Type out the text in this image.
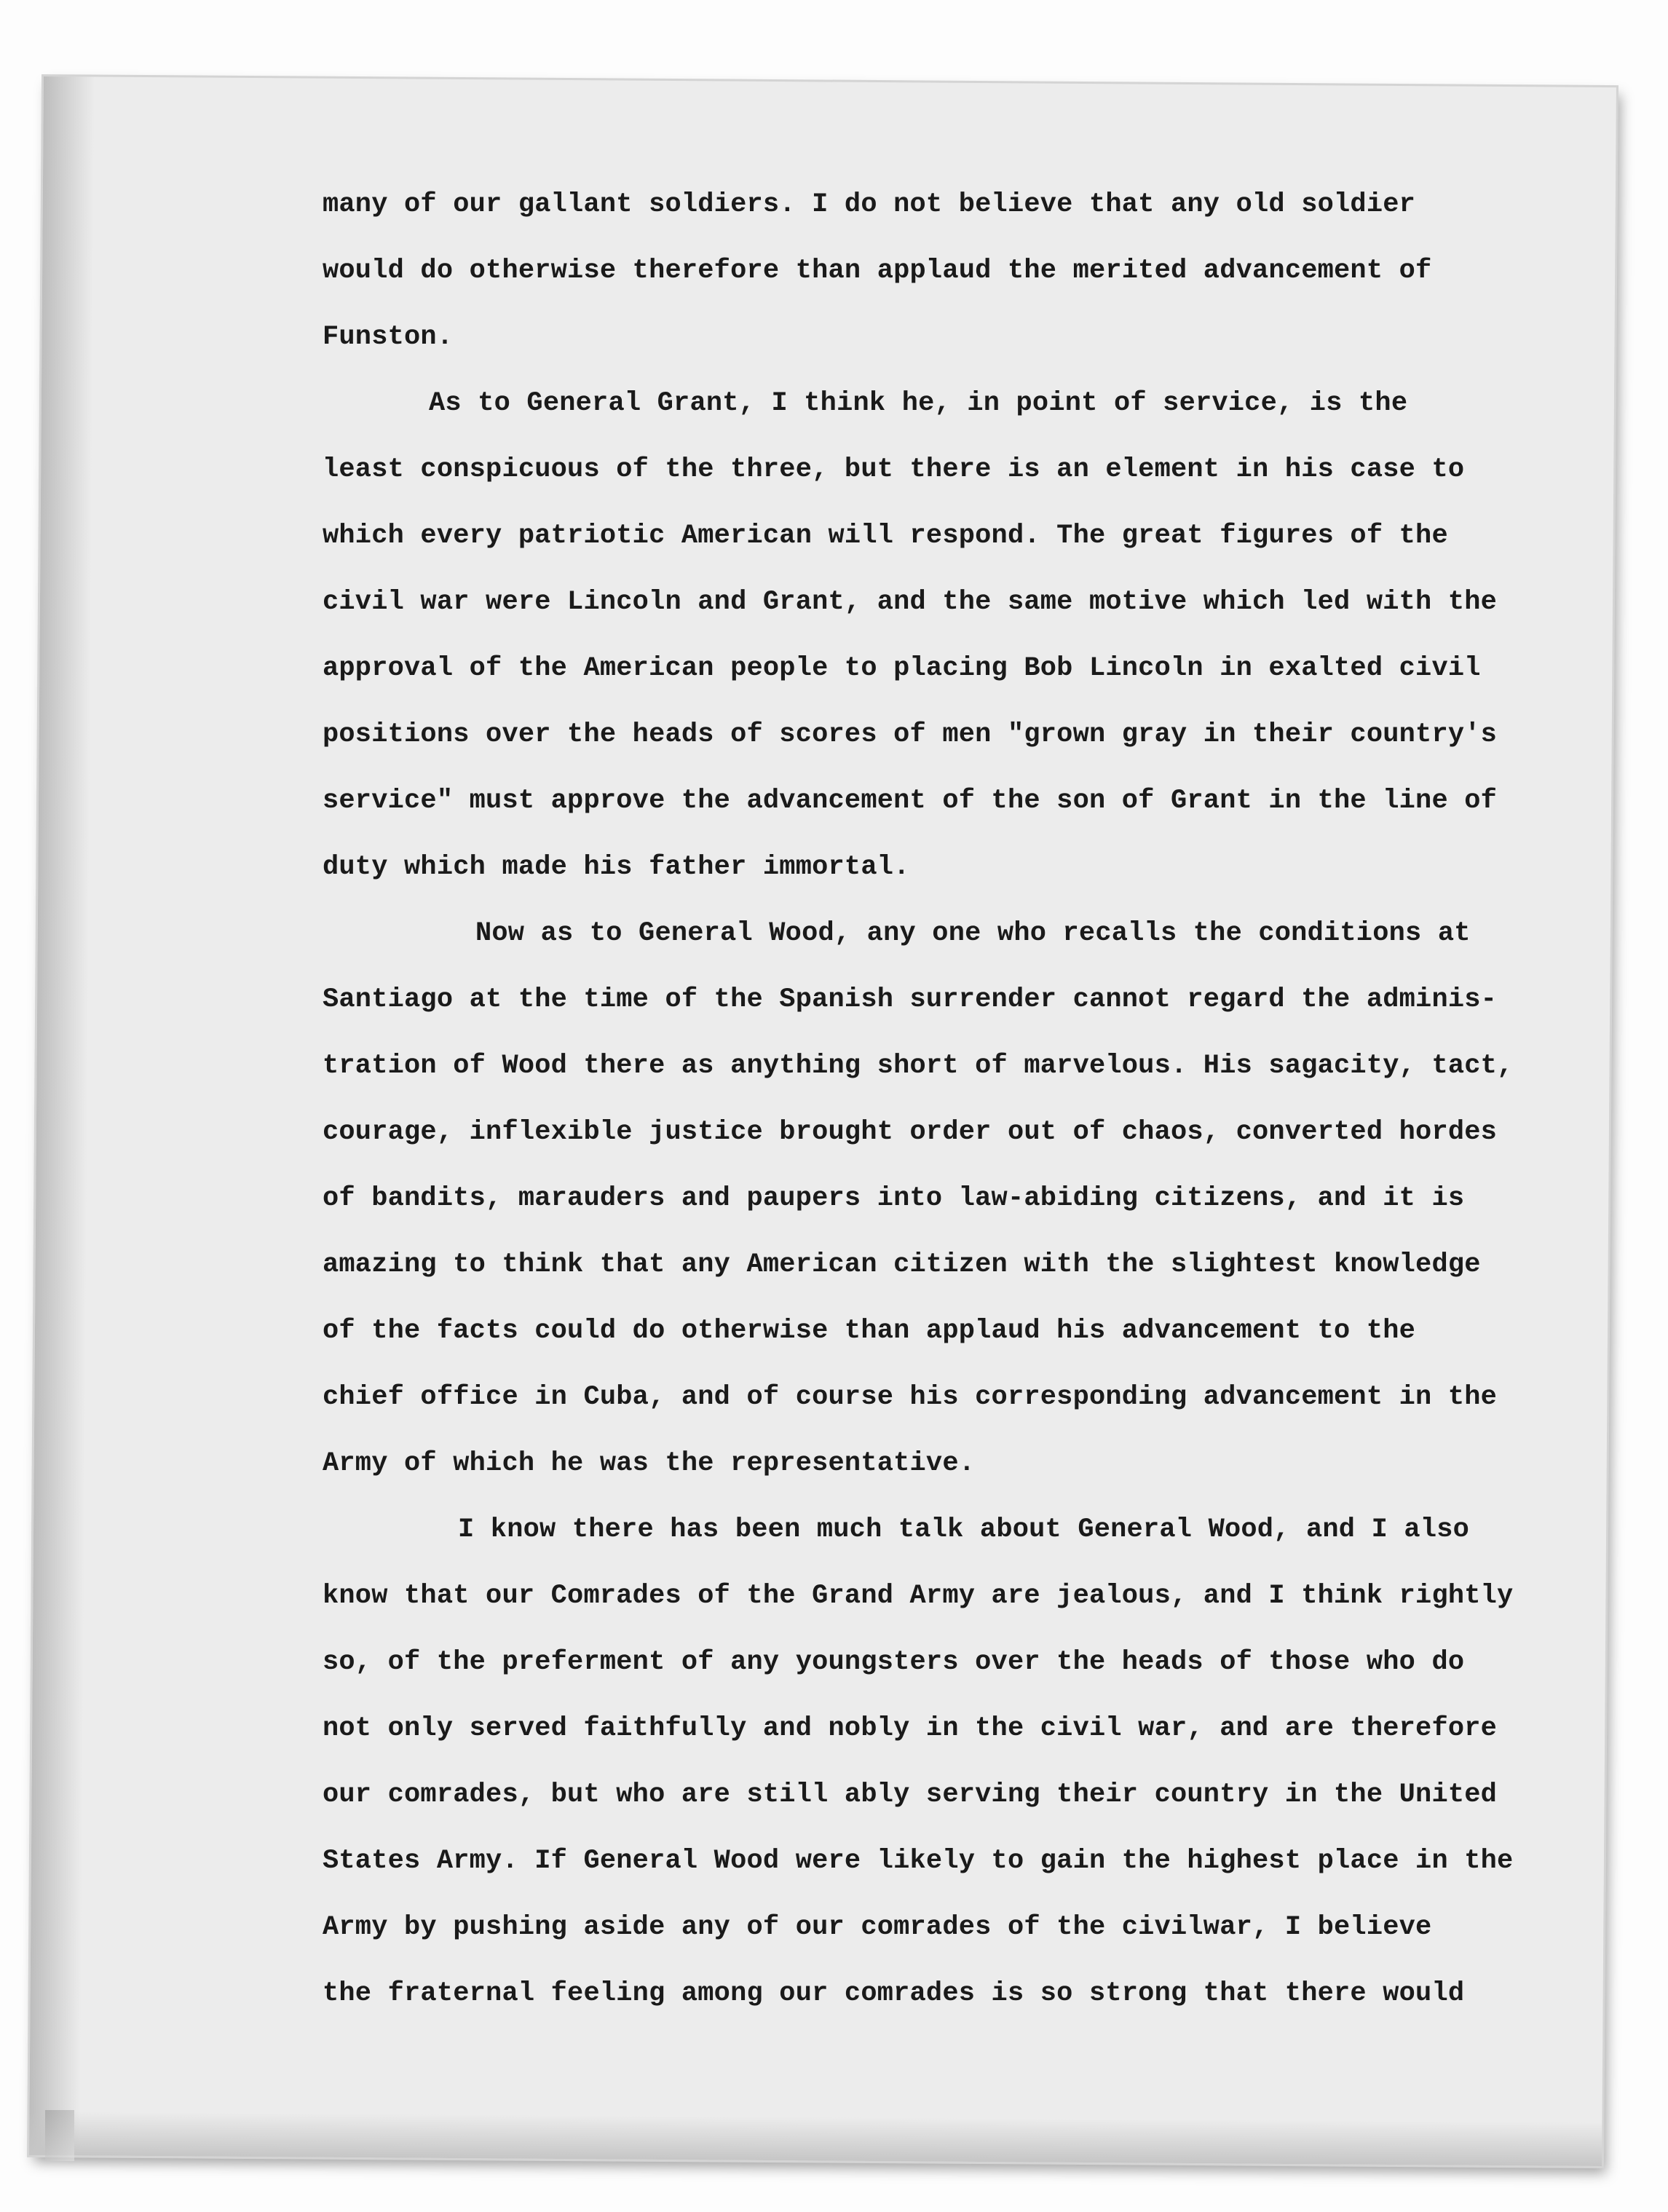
many of our gallant soldiers. I do not believe that any old soldier
would do otherwise therefore than applaud the merited advancement of
Funston.
As to General Grant, I think he, in point of service, is the
least conspicuous of the three, but there is an element in his case to
which every patriotic American will respond. The great figures of the
civil war were Lincoln and Grant, and the same motive which led with the
approval of the American people to placing Bob Lincoln in exalted civil
positions over the heads of scores of men "grown gray in their country's
service" must approve the advancement of the son of Grant in the line of
duty which made his father immortal.
Now as to General Wood, any one who recalls the conditions at
Santiago at the time of the Spanish surrender cannot regard the adminis-
tration of Wood there as anything short of marvelous. His sagacity, tact,
courage, inflexible justice brought order out of chaos, converted hordes
of bandits, marauders and paupers into law-abiding citizens, and it is
amazing to think that any American citizen with the slightest knowledge
of the facts could do otherwise than applaud his advancement to the
chief office in Cuba, and of course his corresponding advancement in the
Army of which he was the representative.
I know there has been much talk about General Wood, and I also
know that our Comrades of the Grand Army are jealous, and I think rightly
so, of the preferment of any youngsters over the heads of those who do
not only served faithfully and nobly in the civil war, and are therefore
our comrades, but who are still ably serving their country in the United
States Army. If General Wood were likely to gain the highest place in the
Army by pushing aside any of our comrades of the civilwar, I believe
the fraternal feeling among our comrades is so strong that there would
